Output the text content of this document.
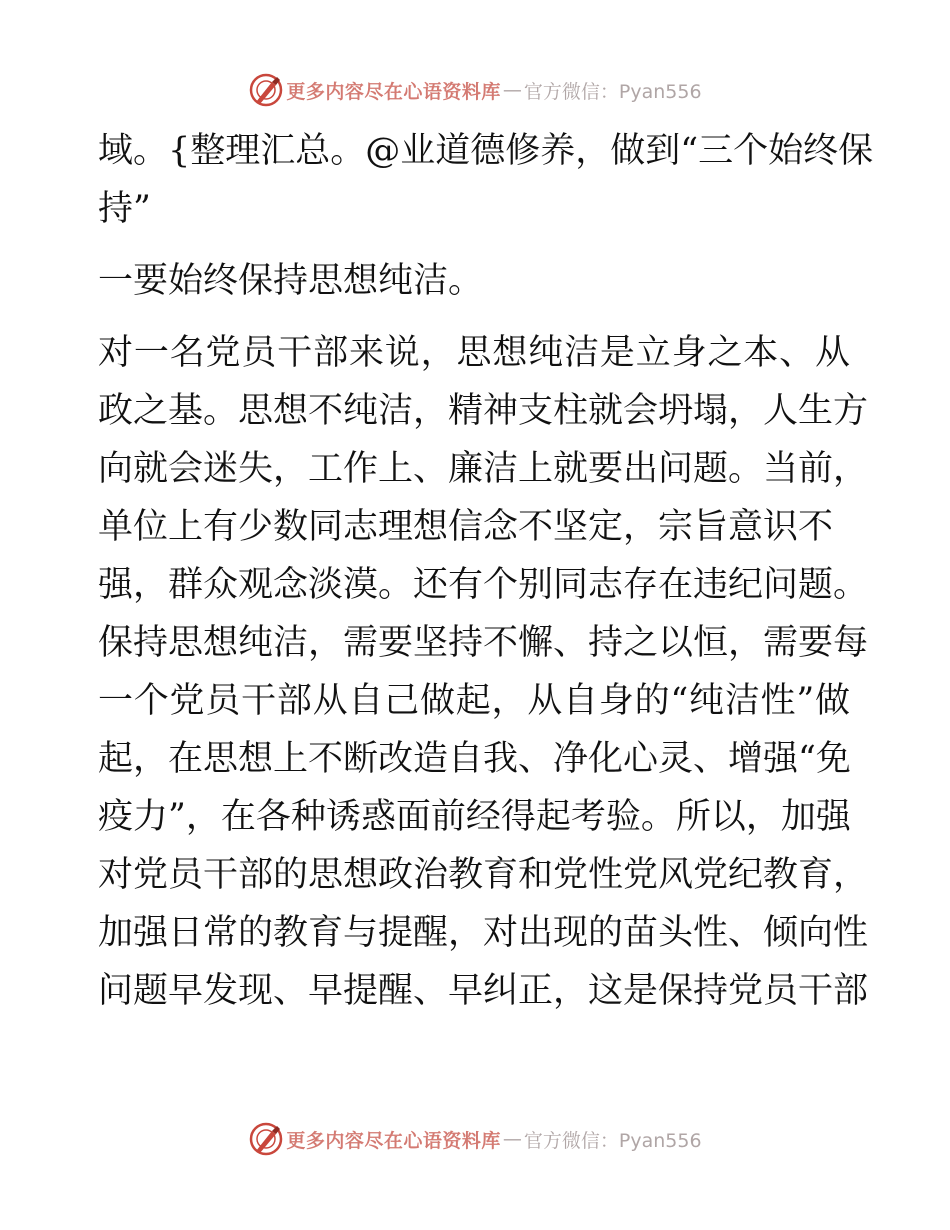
更多内容尽在心语资料库 — 官方微信：Pyan556
域。{整理汇总。@业道德修养，做到“三个始终保
持”
一要始终保持思想纯洁。
对一名党员干部来说，思想纯洁是立身之本、从
政之基。思想不纯洁，精神支柱就会坍塌，人生方
向就会迷失，工作上、廉洁上就要出问题。当前，
单位上有少数同志理想信念不坚定，宗旨意识不
强，群众观念淡漠。还有个别同志存在违纪问题。
保持思想纯洁，需要坚持不懈、持之以恒，需要每
一个党员干部从自己做起，从自身的“纯洁性”做
起，在思想上不断改造自我、净化心灵、增强“免
疫力”，在各种诱惑面前经得起考验。所以，加强
对党员干部的思想政治教育和党性党风党纪教育，
加强日常的教育与提醒，对出现的苗头性、倾向性
问题早发现、早提醒、早纠正，这是保持党员干部
更多内容尽在心语资料库 — 官方微信：Pyan556
